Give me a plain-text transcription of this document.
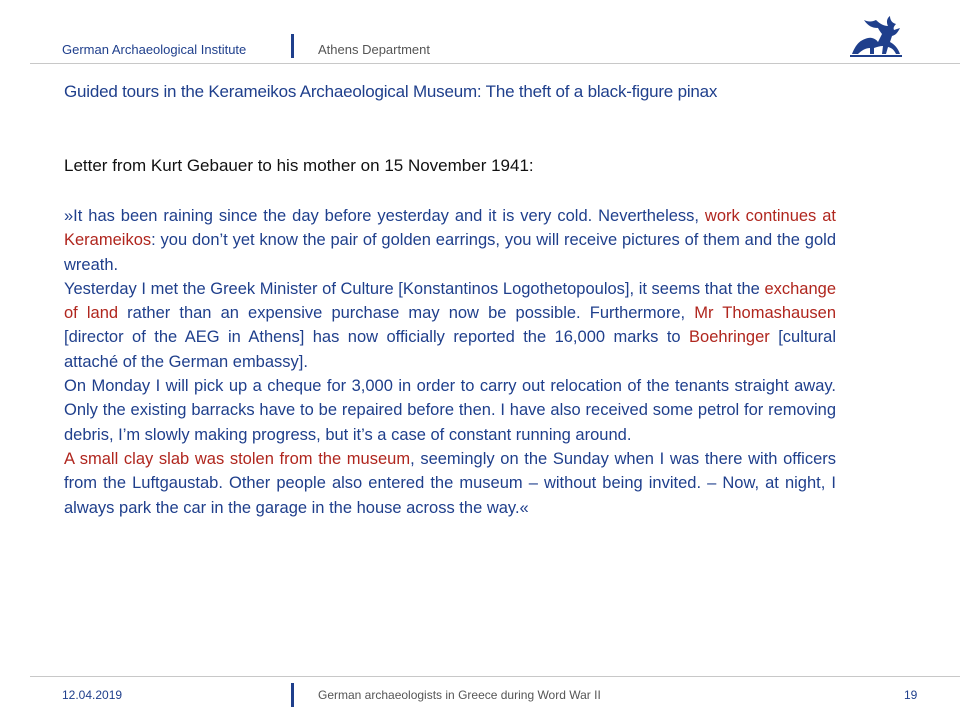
German Archaeological Institute	Athens Department
Guided tours in the Kerameikos Archaeological Museum: The theft of a black-figure pinax
Letter from Kurt Gebauer to his mother on 15 November 1941:

»It has been raining since the day before yesterday and it is very cold. Nevertheless, work continues at Kerameikos: you don’t yet know the pair of golden earrings, you will receive pictures of them and the gold wreath.

Yesterday I met the Greek Minister of Culture [Konstantinos Logothetopoulos], it seems that the exchange of land rather than an expensive purchase may now be possible. Furthermore, Mr Thomashausen [director of the AEG in Athens] has now officially reported the 16,000 marks to Boehringer [cultural attaché of the German embassy].

On Monday I will pick up a cheque for 3,000 in order to carry out relocation of the tenants straight away. Only the existing barracks have to be repaired before then. I have also received some petrol for removing debris, I’m slowly making progress, but it’s a case of constant running around.

A small clay slab was stolen from the museum, seemingly on the Sunday when I was there with officers from the Luftgaustab. Other people also entered the museum – without being invited. – Now, at night, I always park the car in the garage in the house across the way.«

12.04.2019	German archaeologists in Greece during Word War II	19
